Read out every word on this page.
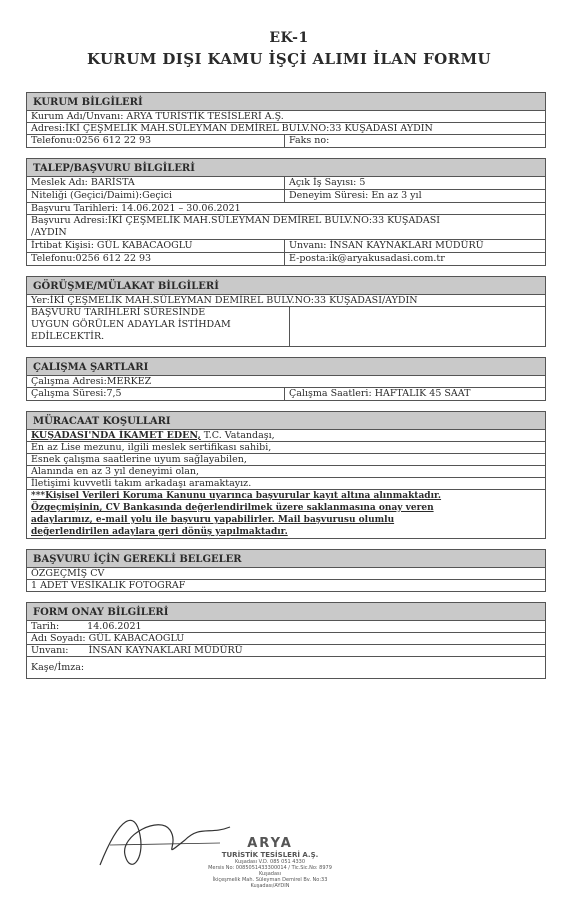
EK-1
KURUM DIŞI KAMU İŞÇİ ALIMI İLAN FORMU
KURUM BİLGİLERİ
Kurum Adı/Unvanı: ARYA TURİSTİK TESİSLERİ A.Ş.
Adresi:İKİ ÇEŞMELİK MAH.SÜLEYMAN DEMİREL BULV.NO:33 KUŞADASI AYDIN
Telefonu:0256 612 22 93	Faks no:
TALEP/BAŞVURU BİLGİLERİ
Meslek Adı: BARİSTA	Açık İş Sayısı: 5
Niteliği (Geçici/Daimi):Geçici	Deneyim Süresi: En az 3 yıl
Başvuru Tarihleri: 14.06.2021 – 30.06.2021
Başvuru Adresi:İKİ ÇEŞMELİK MAH.SÜLEYMAN DEMİREL BULV.NO:33 KUŞADASI
/AYDIN
İrtibat Kişisi: GÜL KABACAOĞLU	Unvanı: İNSAN KAYNAKLARI MÜDÜRÜ
Telefonu:0256 612 22 93	E-posta:ik@aryakusadasi.com.tr
GÖRÜŞME/MÜLAKAT BİLGİLERİ
Yer:İKİ ÇEŞMELİK MAH.SÜLEYMAN DEMİREL BULV.NO:33 KUŞADASI/AYDIN
BAŞVURU TARİHLERİ SÜRESİNDE
UYGUN GÖRÜLEN ADAYLAR İSTİHDAM
EDİLECEKTİR.
ÇALIŞMA ŞARTLARI
Çalışma Adresi:MERKEZ
Çalışma Süresi:7,5	Çalışma Saatleri: HAFTALIK 45 SAAT
MÜRACAAT KOŞULLARI
KUŞADASI'NDA İKAMET EDEN, T.C. Vatandaşı,
En az Lise mezunu, ilgili meslek sertifikası sahibi,
Esnek çalışma saatlerine uyum sağlayabilen,
Alanında en az 3 yıl deneyimi olan,
İletişimi kuvvetli takım arkadaşı aramaktayız.
***Kişisel Verileri Koruma Kanunu uyarınca başvurular kayıt altına alınmaktadır.
Özgeçmişinin, CV Bankasında değerlendirilmek üzere saklanmasına onay veren
adaylarımız, e-mail yolu ile başvuru yapabilirler. Mail başvurusu olumlu
değerlendirilen adaylara geri dönüş yapılmaktadır.
BAŞVURU İÇİN GEREKLİ BELGELER
ÖZGEÇMİŞ CV
1 ADET VESİKALIK FOTOĞRAF
FORM ONAY BİLGİLERİ
Tarih:	14.06.2021
Adı Soyadı: GÜL KABACAOĞLU
Unvanı: İNSAN KAYNAKLARI MÜDÜRÜ
Kaşe/İmza:
ARYA
TURİSTİK TESİSLERİ A.Ş.
Kuşadası V.D. 085 051 4330
Mersis No: 0085051433300014 / Tic.Sic.No: 8979 Kuşadası
İkiçeşmelik Mah. Süleyman Demirel Bv. No:33 Kuşadası/AYDIN
